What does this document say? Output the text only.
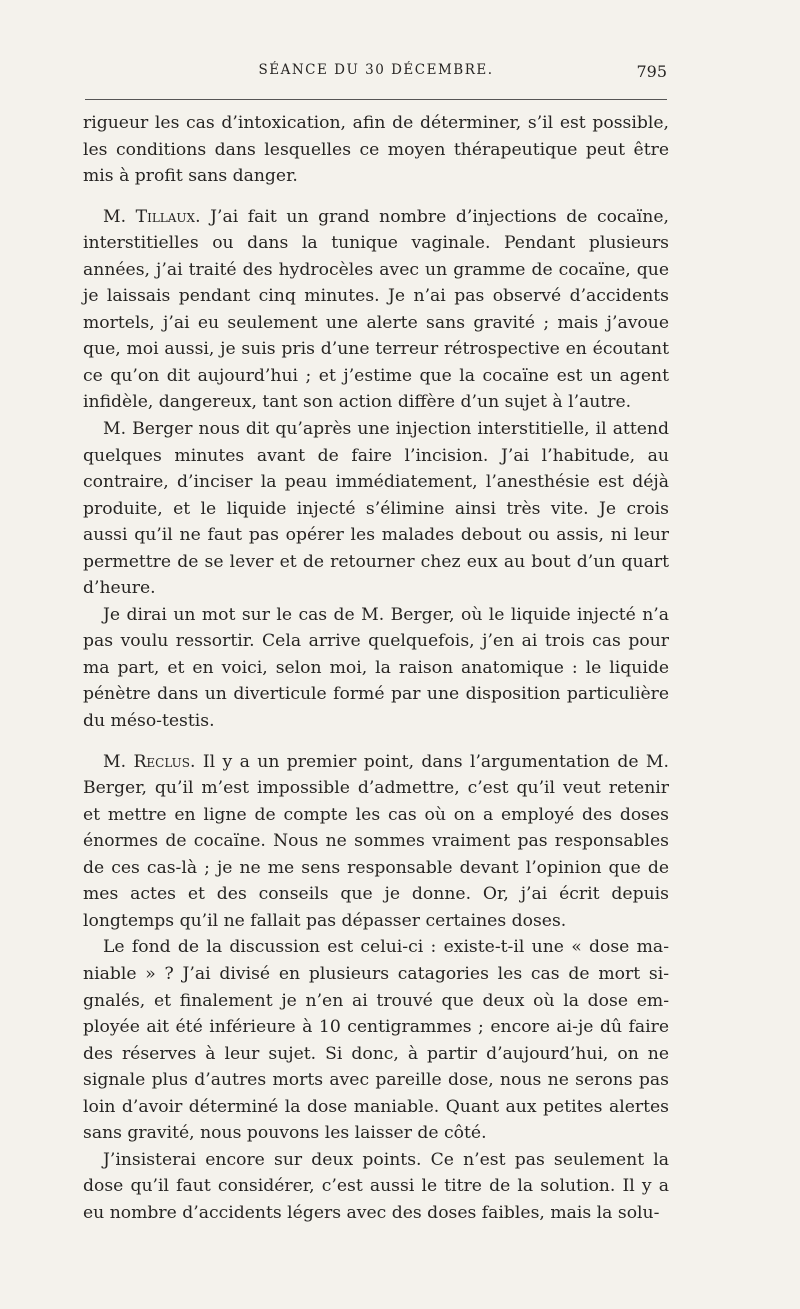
SÉANCE DU 30 DÉCEMBRE.	795

rigueur les cas d’intoxication, afin de déterminer, s’il est possible, les conditions dans lesquelles ce moyen thérapeutique peut être mis à profit sans danger.

M. Tillaux. J’ai fait un grand nombre d’injections de cocaïne, interstitielles ou dans la tunique vaginale. Pendant plusieurs années, j’ai traité des hydrocèles avec un gramme de cocaïne, que je laissais pendant cinq minutes. Je n’ai pas observé d’accidents mortels, j’ai eu seulement une alerte sans gravité ; mais j’avoue que, moi aussi, je suis pris d’une terreur rétrospective en écoutant ce qu’on dit aujourd’hui ; et j’estime que la cocaïne est un agent infidèle, dangereux, tant son action diffère d’un sujet à l’autre.

M. Berger nous dit qu’après une injection interstitielle, il attend quelques minutes avant de faire l’incision. J’ai l’habitude, au contraire, d’inciser la peau immédiatement, l’anesthésie est déjà produite, et le liquide injecté s’élimine ainsi très vite. Je crois aussi qu’il ne faut pas opérer les malades debout ou assis, ni leur permettre de se lever et de retourner chez eux au bout d’un quart d’heure.

Je dirai un mot sur le cas de M. Berger, où le liquide injecté n’a pas voulu ressortir. Cela arrive quelquefois, j’en ai trois cas pour ma part, et en voici, selon moi, la raison anatomique : le liquide pénètre dans un diverticule formé par une disposition particulière du méso-testis.

M. Reclus. Il y a un premier point, dans l’argumentation de M. Berger, qu’il m’est impossible d’admettre, c’est qu’il veut retenir et mettre en ligne de compte les cas où on a employé des doses énormes de cocaïne. Nous ne sommes vraiment pas responsables de ces cas-là ; je ne me sens responsable devant l’opinion que de mes actes et des conseils que je donne. Or, j’ai écrit depuis longtemps qu’il ne fallait pas dépasser certaines doses.

Le fond de la discussion est celui-ci : existe-t-il une « dose maniable » ? J’ai divisé en plusieurs catagories les cas de mort signalés, et finalement je n’en ai trouvé que deux où la dose employée ait été inférieure à 10 centigrammes ; encore ai-je dû faire des réserves à leur sujet. Si donc, à partir d’aujourd’hui, on ne signale plus d’autres morts avec pareille dose, nous ne serons pas loin d’avoir déterminé la dose maniable. Quant aux petites alertes sans gravité, nous pouvons les laisser de côté.

J’insisterai encore sur deux points. Ce n’est pas seulement la dose qu’il faut considérer, c’est aussi le titre de la solution. Il y a eu nombre d’accidents légers avec des doses faibles, mais la solu-
